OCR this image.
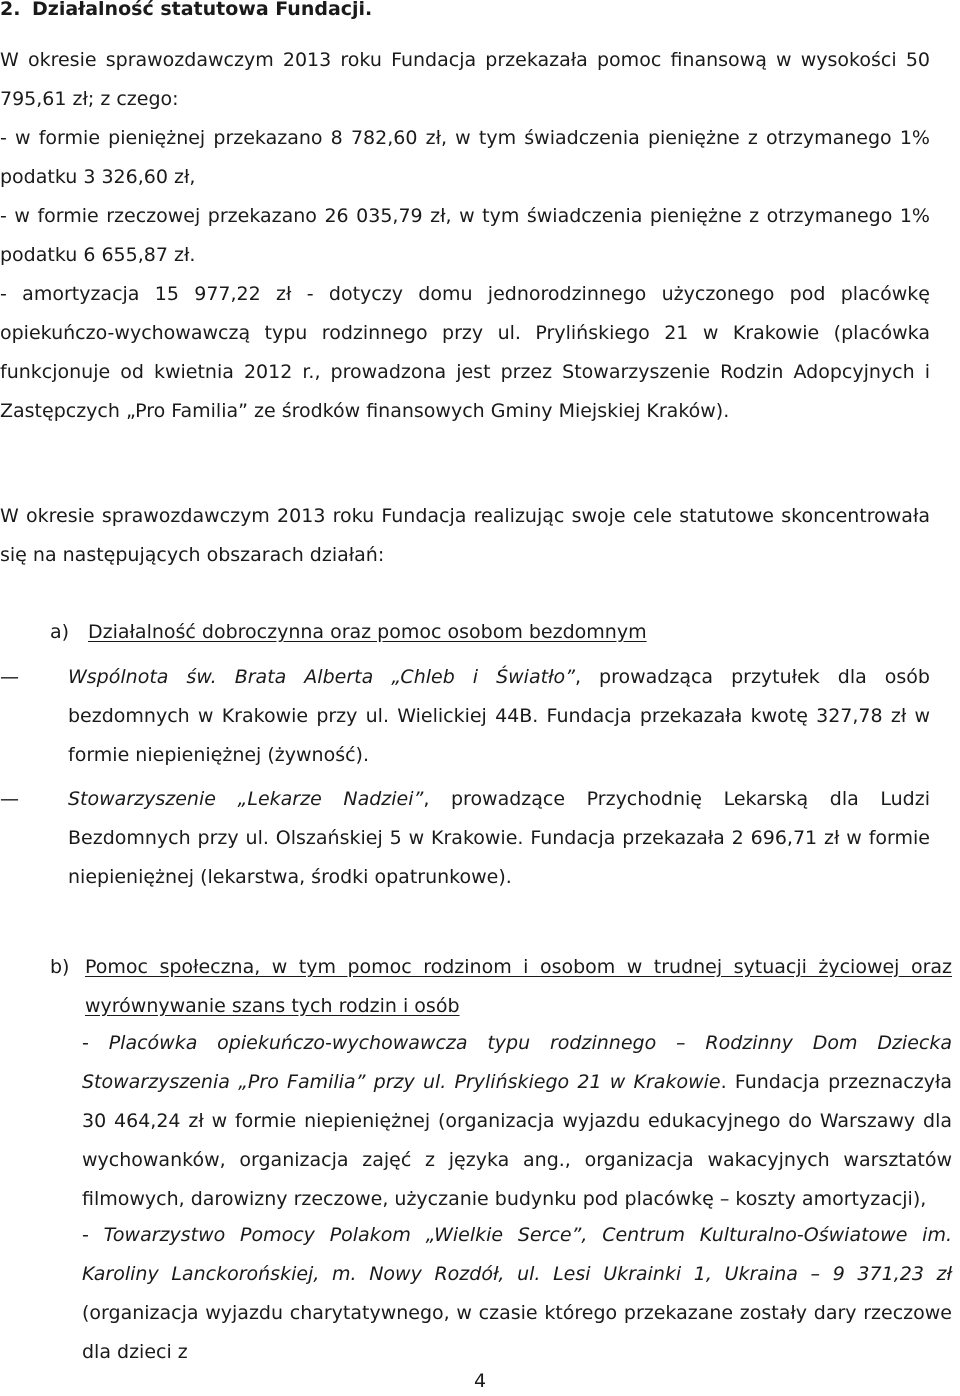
2. Działalność statutowa Fundacji.

W okresie sprawozdawczym 2013 roku Fundacja przekazała pomoc finansową w wysokości 50 795,61 zł; z czego:

- w formie pieniężnej przekazano 8 782,60 zł, w tym świadczenia pieniężne z otrzymanego 1% podatku 3 326,60 zł,

- w formie rzeczowej przekazano 26 035,79 zł, w tym świadczenia pieniężne z otrzymanego 1% podatku 6 655,87 zł.

- amortyzacja 15 977,22 zł - dotyczy domu jednorodzinnego użyczonego pod placówkę opiekuńczo-wychowawczą typu rodzinnego przy ul. Prylińskiego 21 w Krakowie (placówka funkcjonuje od kwietnia 2012 r., prowadzona jest przez Stowarzyszenie Rodzin Adopcyjnych i Zastępczych „Pro Familia” ze środków finansowych Gminy Miejskiej Kraków).

W okresie sprawozdawczym 2013 roku Fundacja realizując swoje cele statutowe skoncentrowała się na następujących obszarach działań:
a) Działalność dobroczynna oraz pomoc osobom bezdomnym
—	Wspólnota św. Brata Alberta „Chleb i Światło”, prowadząca przytułek dla osób bezdomnych w Krakowie przy ul. Wielickiej 44B. Fundacja przekazała kwotę 327,78 zł w formie niepieniężnej (żywność).
—	Stowarzyszenie „Lekarze Nadziei”, prowadzące Przychodnię Lekarską dla Ludzi Bezdomnych przy ul. Olszańskiej 5 w Krakowie. Fundacja przekazała 2 696,71 zł w formie niepieniężnej (lekarstwa, środki opatrunkowe).
b) Pomoc społeczna, w tym pomoc rodzinom i osobom w trudnej sytuacji życiowej oraz wyrównywanie szans tych rodzin i osób
- Placówka opiekuńczo-wychowawcza typu rodzinnego – Rodzinny Dom Dziecka Stowarzyszenia „Pro Familia” przy ul. Prylińskiego 21 w Krakowie. Fundacja przeznaczyła 30 464,24 zł w formie niepieniężnej (organizacja wyjazdu edukacyjnego do Warszawy dla wychowanków, organizacja zajęć z języka ang., organizacja wakacyjnych warsztatów filmowych, darowizny rzeczowe, użyczanie budynku pod placówkę – koszty amortyzacji),
- Towarzystwo Pomocy Polakom „Wielkie Serce”, Centrum Kulturalno-Oświatowe im. Karoliny Lanckorońskiej, m. Nowy Rozdół, ul. Lesi Ukrainki 1, Ukraina – 9 371,23 zł (organizacja wyjazdu charytatywnego, w czasie którego przekazane zostały dary rzeczowe dla dzieci z
4
